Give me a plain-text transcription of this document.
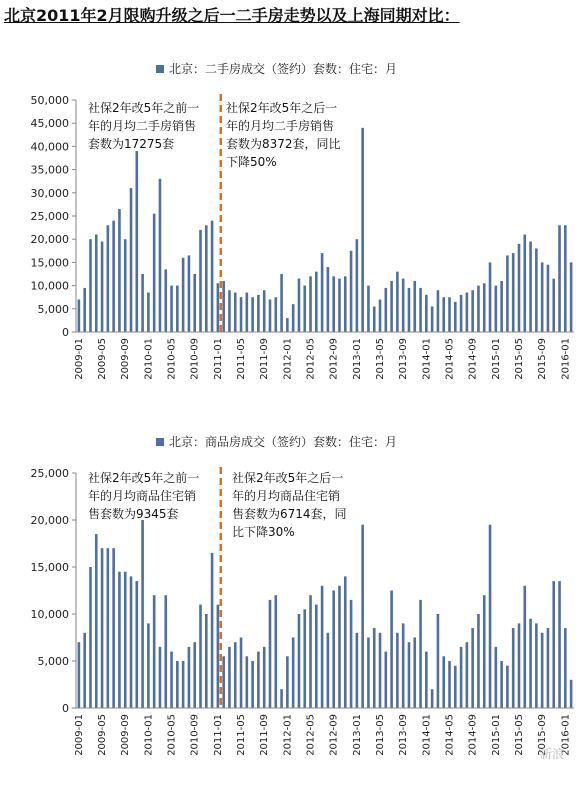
北京2011年2月限购升级之后一二手房走势以及上海同期对比：
北京：二手房成交（签约）套数：住宅：月
0
5,000
10,000
15,000
20,000
25,000
30,000
35,000
40,000
45,000
50,000
2009-01 2009-05 2009-09 2010-01 2010-05 2010-09 2011-01 2011-05 2011-09 2012-01 2012-05 2012-09 2013-01 2013-05 2013-09 2014-01 2014-05 2014-09 2015-01 2015-05 2015-09 2016-01
社保2年改5年之前一
年的月均二手房销售
套数为17275套
社保2年改5年之后一
年的月均二手房销售
套数为8372套，同比
下降50%
北京：商品房成交（签约）套数：住宅：月
0
5,000
10,000
15,000
20,000
25,000
2009-01 2009-05 2009-09 2010-01 2010-05 2010-09 2011-01 2011-05 2011-09 2012-01 2012-05 2012-09 2013-01 2013-05 2013-09 2014-01 2014-05 2014-09 2015-01 2015-05 2015-09 2016-01
社保2年改5年之前一
年的月均商品住宅销
售套数为9345套
社保2年改5年之后一
年的月均商品住宅销
售套数为6714套，同
比下降30%
新浪
